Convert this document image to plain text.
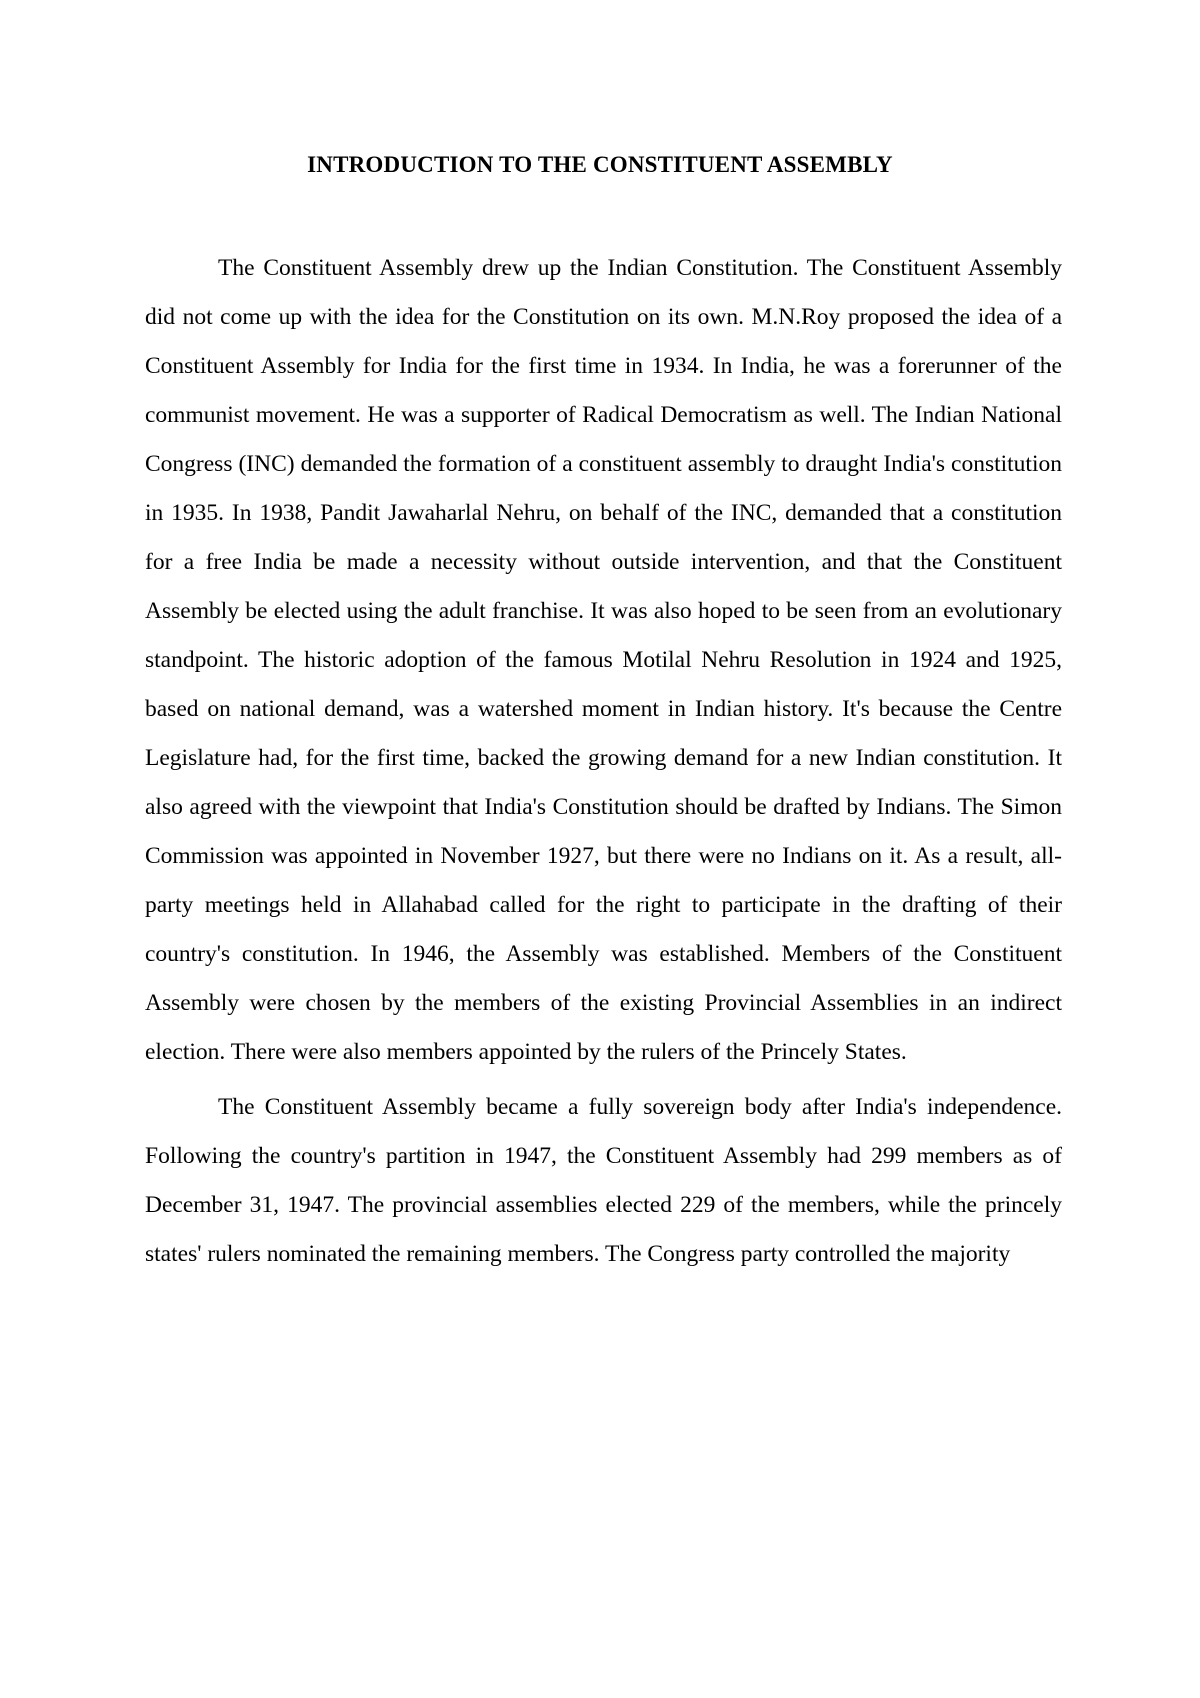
INTRODUCTION TO THE CONSTITUENT ASSEMBLY

The Constituent Assembly drew up the Indian Constitution. The Constituent Assembly did not come up with the idea for the Constitution on its own. M.N.Roy proposed the idea of a Constituent Assembly for India for the first time in 1934. In India, he was a forerunner of the communist movement. He was a supporter of Radical Democratism as well. The Indian National Congress (INC) demanded the formation of a constituent assembly to draught India's constitution in 1935. In 1938, Pandit Jawaharlal Nehru, on behalf of the INC, demanded that a constitution for a free India be made a necessity without outside intervention, and that the Constituent Assembly be elected using the adult franchise. It was also hoped to be seen from an evolutionary standpoint. The historic adoption of the famous Motilal Nehru Resolution in 1924 and 1925, based on national demand, was a watershed moment in Indian history. It's because the Centre Legislature had, for the first time, backed the growing demand for a new Indian constitution. It also agreed with the viewpoint that India's Constitution should be drafted by Indians. The Simon Commission was appointed in November 1927, but there were no Indians on it. As a result, all-party meetings held in Allahabad called for the right to participate in the drafting of their country's constitution. In 1946, the Assembly was established. Members of the Constituent Assembly were chosen by the members of the existing Provincial Assemblies in an indirect election. There were also members appointed by the rulers of the Princely States.

The Constituent Assembly became a fully sovereign body after India's independence. Following the country's partition in 1947, the Constituent Assembly had 299 members as of December 31, 1947. The provincial assemblies elected 229 of the members, while the princely states' rulers nominated the remaining members. The Congress party controlled the majority
